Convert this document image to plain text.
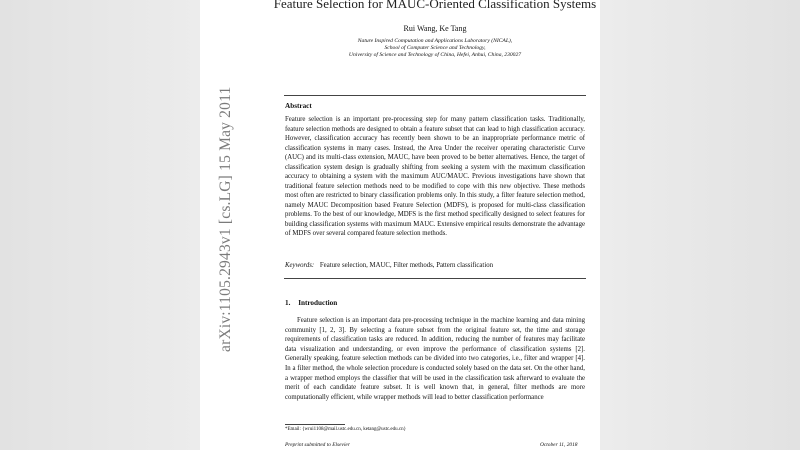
arXiv:1105.2943v1 [cs.LG] 15 May 2011
Feature Selection for MAUC-Oriented Classification Systems
Rui Wang, Ke Tang
Nature Inspired Computation and Applications Laboratory (NICAL),
School of Computer Science and Technology,
University of Science and Technology of China, Hefei, Anhui, China, 230027
Abstract
Feature selection is an important pre-processing step for many pattern classification tasks. Traditionally, feature selection methods are designed to obtain a feature subset that can lead to high classification accuracy. However, classification accuracy has recently been shown to be an inappropriate performance metric of classification systems in many cases. Instead, the Area Under the receiver operating characteristic Curve (AUC) and its multi-class extension, MAUC, have been proved to be better alternatives. Hence, the target of classification system design is gradually shifting from seeking a system with the maximum classification accuracy to obtaining a system with the maximum AUC/MAUC. Previous investigations have shown that traditional feature selection methods need to be modified to cope with this new objective. These methods most often are restricted to binary classification problems only. In this study, a filter feature selection method, namely MAUC Decomposition based Feature Selection (MDFS), is proposed for multi-class classification problems. To the best of our knowledge, MDFS is the first method specifically designed to select features for building classification systems with maximum MAUC. Extensive empirical results demonstrate the advantage of MDFS over several compared feature selection methods.
Keywords: Feature selection, MAUC, Filter methods, Pattern classification
1. Introduction
Feature selection is an important data pre-processing technique in the machine learning and data mining community [1, 2, 3]. By selecting a feature subset from the original feature set, the time and storage requirements of classification tasks are reduced. In addition, reducing the number of features may facilitate data visualization and understanding, or even improve the performance of classification systems [2]. Generally speaking, feature selection methods can be divided into two categories, i.e., filter and wrapper [4]. In a filter method, the whole selection procedure is conducted solely based on the data set. On the other hand, a wrapper method employs the classifier that will be used in the classification task afterward to evaluate the merit of each candidate feature subset. It is well known that, in general, filter methods are more computationally efficient, while wrapper methods will lead to better classification performance
*Email: {wrui1108@mail.ustc.edu.cn, ketang@ustc.edu.cn}
Preprint submitted to Elsevier	October 11, 2018
